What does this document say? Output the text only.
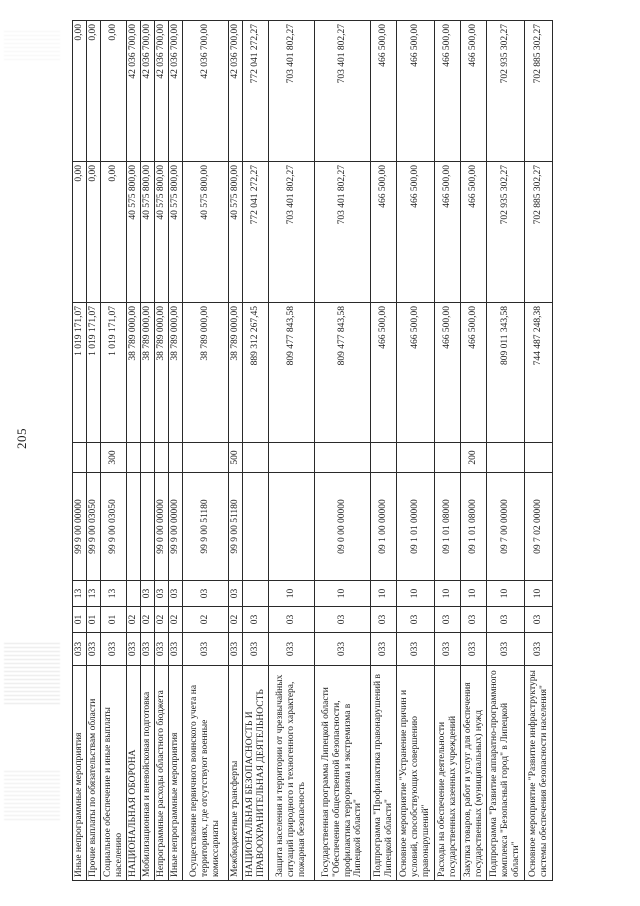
205
Иные непрограммные мероприятия	033	01	13	99 9 00 00000		1 019 171,07	0,00	0,00
Прочие выплаты по обязательствам области	033	01	13	99 9 00 03050		1 019 171,07	0,00	0,00
Социальное обеспечение и иные выплаты населению	033	01	13	99 9 00 03050	300	1 019 171,07	0,00	0,00
НАЦИОНАЛЬНАЯ ОБОРОНА	033	02				38 789 000,00	40 575 800,00	42 036 700,00
Мобилизационная и вневойсковая подготовка	033	02	03			38 789 000,00	40 575 800,00	42 036 700,00
Непрограммные расходы областного бюджета	033	02	03	99 0 00 00000		38 789 000,00	40 575 800,00	42 036 700,00
Иные непрограммные мероприятия	033	02	03	99 9 00 00000		38 789 000,00	40 575 800,00	42 036 700,00
Осуществление первичного воинского учета на территориях, где отсутствуют военные комиссариаты	033	02	03	99 9 00 51180		38 789 000,00	40 575 800,00	42 036 700,00
Межбюджетные трансферты	033	02	03	99 9 00 51180	500	38 789 000,00	40 575 800,00	42 036 700,00
НАЦИОНАЛЬНАЯ БЕЗОПАСНОСТЬ И ПРАВООХРАНИТЕЛЬНАЯ ДЕЯТЕЛЬНОСТЬ	033	03				889 312 267,45	772 041 272,27	772 041 272,27
Защита населения и территории от чрезвычайных ситуаций природного и техногенного характера, пожарная безопасность	033	03	10			809 477 843,58	703 401 802,27	703 401 802,27
Государственная программа Липецкой области "Обеспечение общественной безопасности, профилактика терроризма и экстремизма в Липецкой области"	033	03	10	09 0 00 00000		809 477 843,58	703 401 802,27	703 401 802,27
Подпрограмма "Профилактика правонарушений в Липецкой области"	033	03	10	09 1 00 00000		466 500,00	466 500,00	466 500,00
Основное мероприятие "Устранение причин и условий, способствующих совершению правонарушений"	033	03	10	09 1 01 00000		466 500,00	466 500,00	466 500,00
Расходы на обеспечение деятельности государственных казенных учреждений	033	03	10	09 1 01 08000		466 500,00	466 500,00	466 500,00
Закупка товаров, работ и услуг для обеспечения государственных (муниципальных) нужд	033	03	10	09 1 01 08000	200	466 500,00	466 500,00	466 500,00
Подпрограмма "Развитие аппаратно-программного комплекса "Безопасный город" в Липецкой области"	033	03	10	09 7 00 00000		809 011 343,58	702 935 302,27	702 935 302,27
Основное мероприятие "Развитие инфраструктуры системы обеспечения безопасности населения"	033	03	10	09 7 02 00000		744 487 248,38	702 885 302,27	702 885 302,27
